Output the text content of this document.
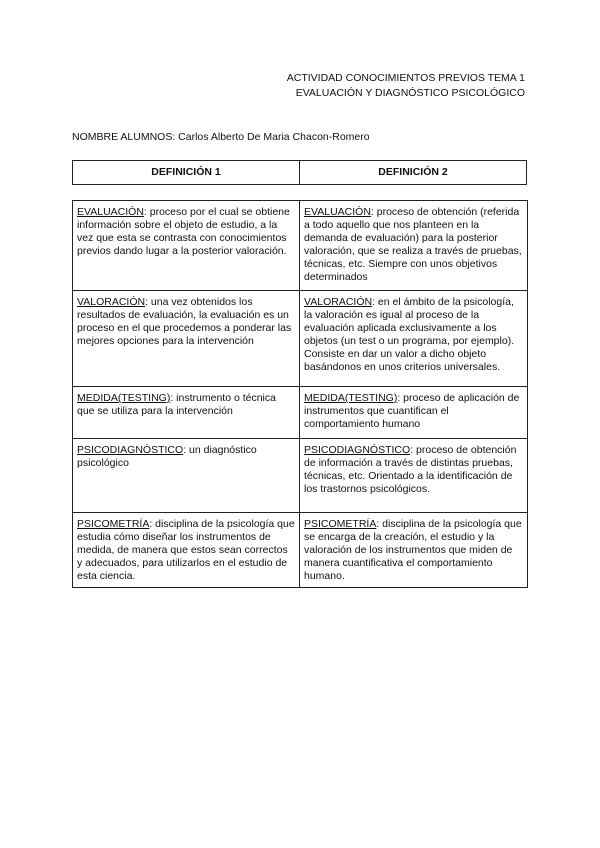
ACTIVIDAD CONOCIMIENTOS PREVIOS TEMA 1
EVALUACIÓN Y DIAGNÓSTICO PSICOLÓGICO
NOMBRE ALUMNOS: Carlos Alberto De Maria Chacon-Romero
DEFINICIÓN 1	DEFINICIÓN 2
EVALUACIÓN: proceso por el cual se obtiene información sobre el objeto de estudio, a la vez que esta se contrasta con conocimientos previos dando lugar a la posterior valoración.	EVALUACIÓN: proceso de obtención (referida a todo aquello que nos planteen en la demanda de evaluación) para la posterior valoración, que se realiza a través de pruebas, técnicas, etc. Siempre con unos objetivos determinados
VALORACIÓN: una vez obtenidos los resultados de evaluación, la evaluación es un proceso en el que procedemos a ponderar las mejores opciones para la intervención	VALORACIÓN: en el ámbito de la psicología, la valoración es igual al proceso de la evaluación aplicada exclusivamente a los objetos (un test o un programa, por ejemplo). Consiste en dar un valor a dicho objeto basándonos en unos criterios universales.
MEDIDA(TESTING): instrumento o técnica que se utiliza para la intervención	MEDIDA(TESTING): proceso de aplicación de instrumentos que cuantifican el comportamiento humano
PSICODIAGNÓSTICO: un diagnóstico psicológico	PSICODIAGNÓSTICO: proceso de obtención de información a través de distintas pruebas, técnicas, etc. Orientado a la identificación de los trastornos psicológicos.
PSICOMETRÍA: disciplina de la psicología que estudia cómo diseñar los instrumentos de medida, de manera que estos sean correctos y adecuados, para utilizarlos en el estudio de esta ciencia.	PSICOMETRÍA: disciplina de la psicología que se encarga de la creación, el estudio y la valoración de los instrumentos que miden de manera cuantificativa el comportamiento humano.
